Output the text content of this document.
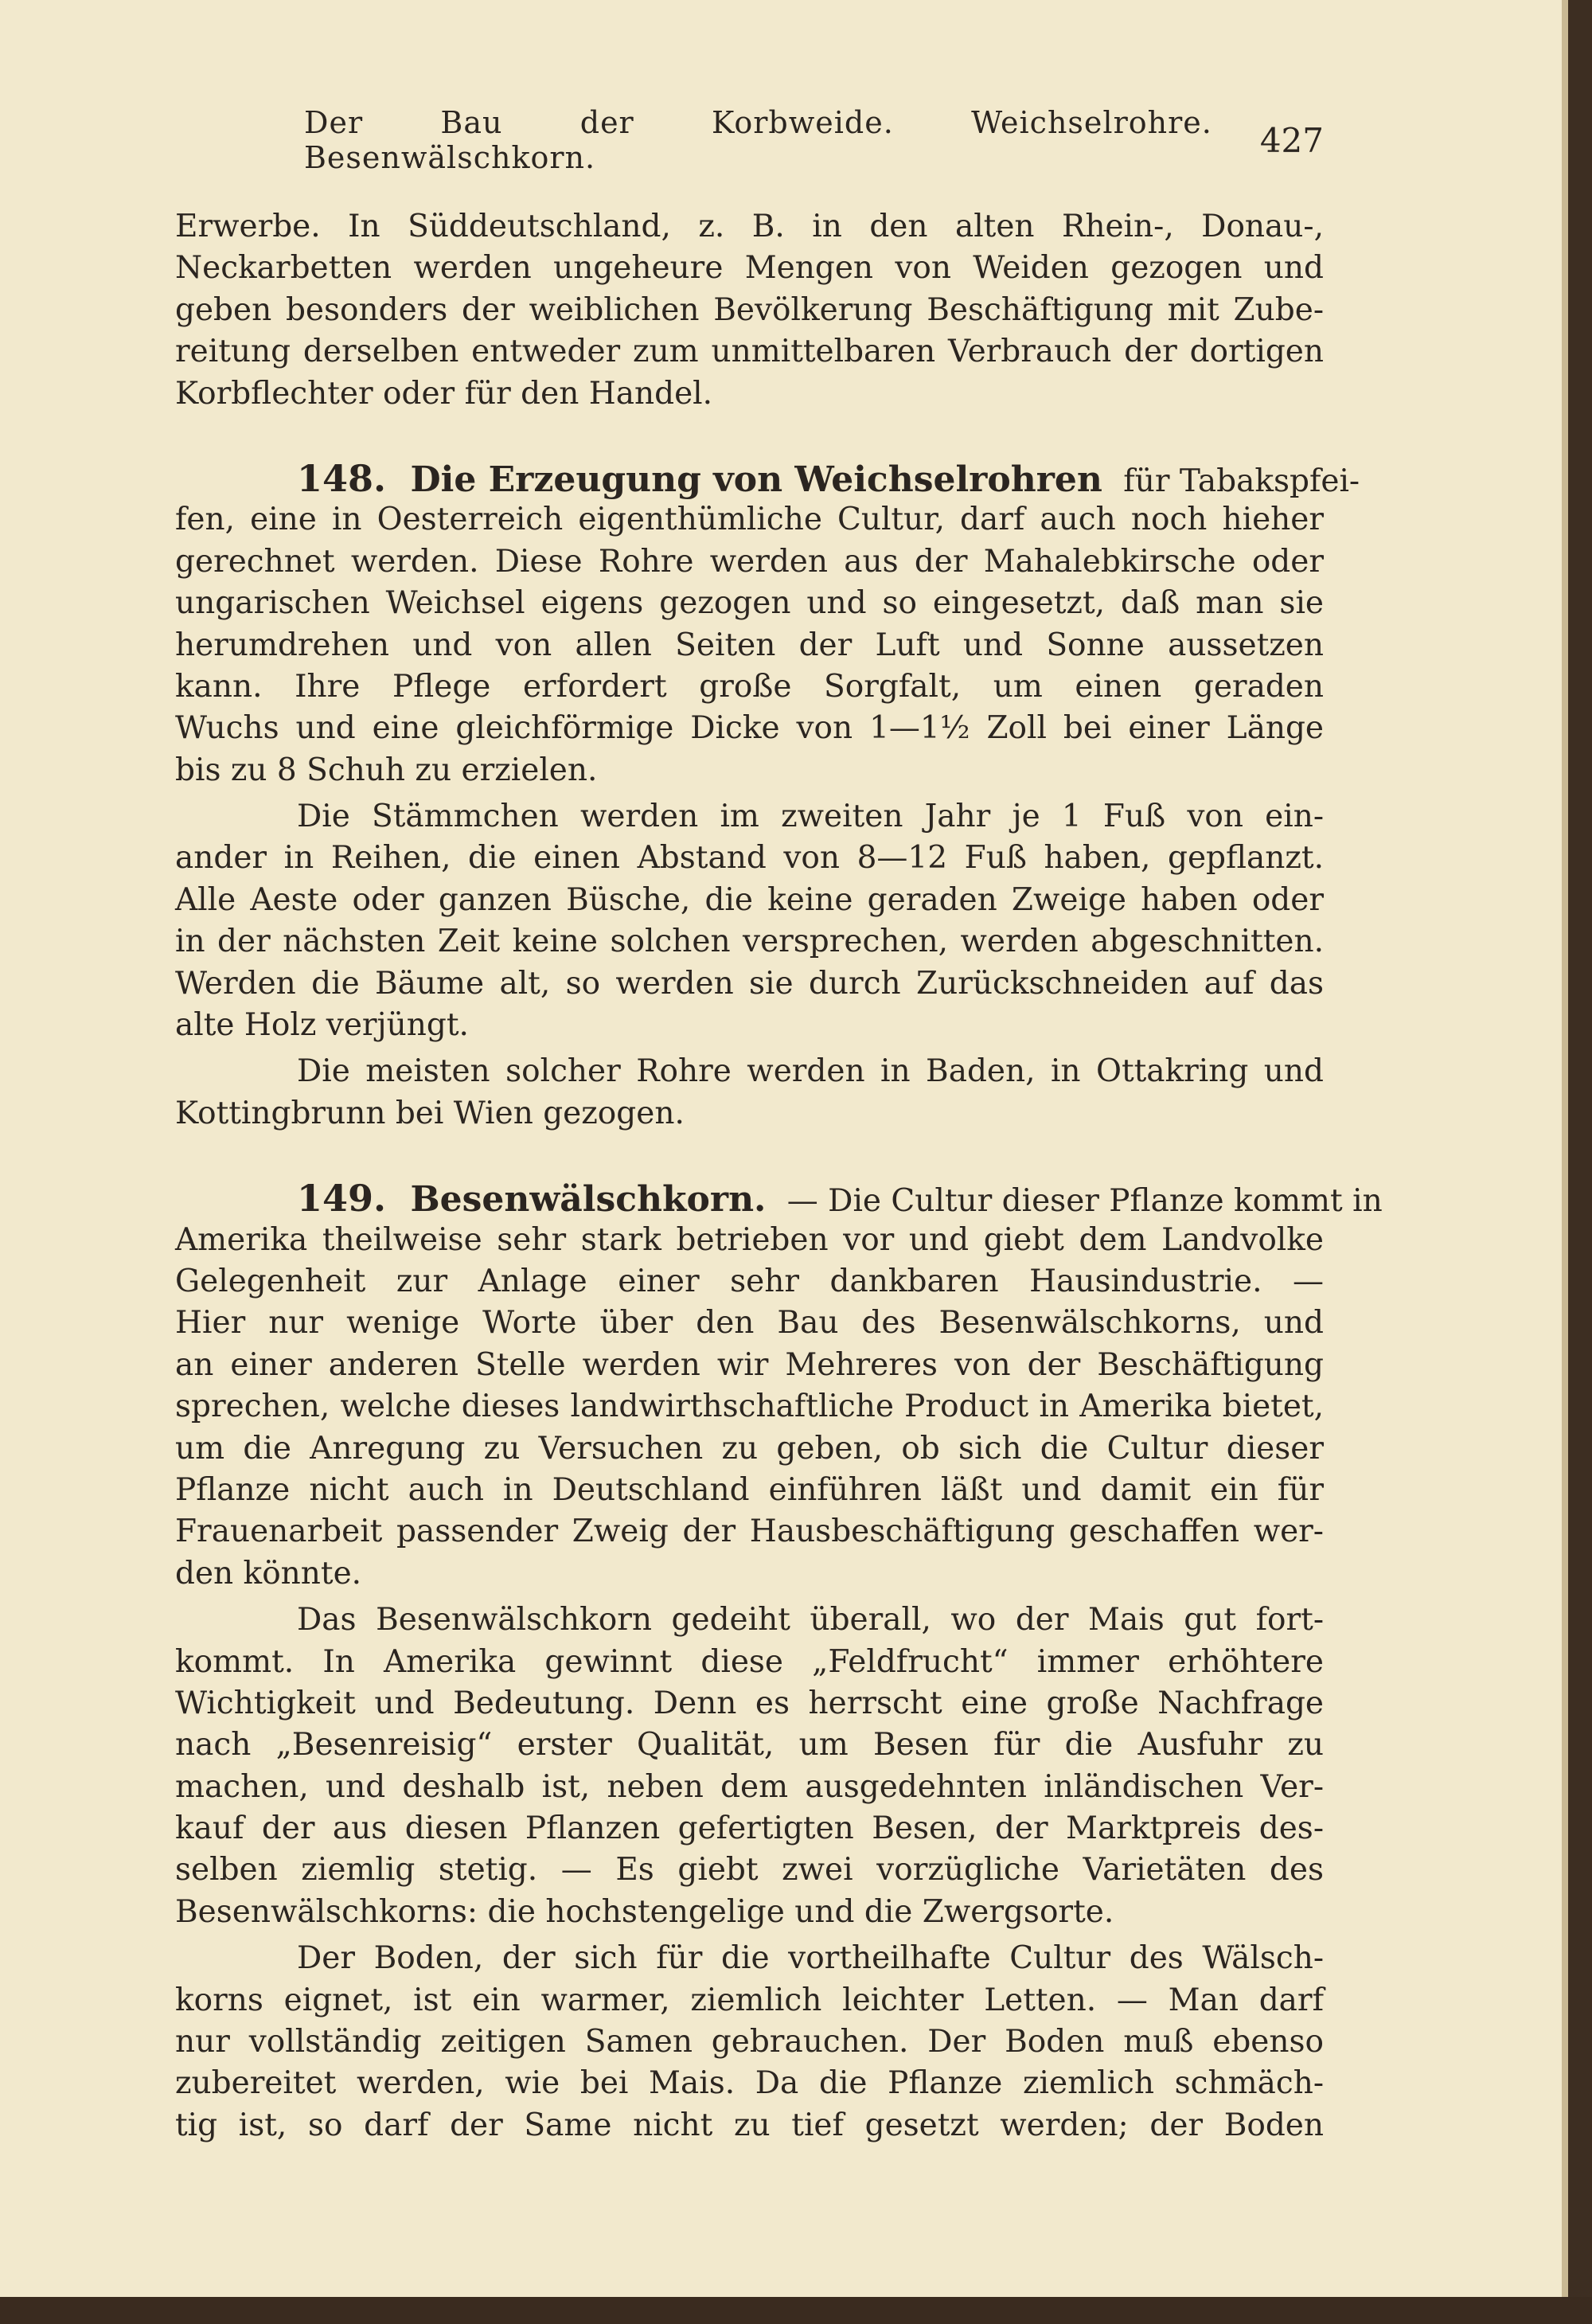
Der Bau der Korbweide. Weichselrohre. Besenwälschkorn.	427
Erwerbe. In Süddeutschland, z. B. in den alten Rhein-, Donau-,
Neckarbetten werden ungeheure Mengen von Weiden gezogen und
geben besonders der weiblichen Bevölkerung Beschäftigung mit Zube-
reitung derselben entweder zum unmittelbaren Verbrauch der dortigen
Korbflechter oder für den Handel.
148. Die Erzeugung von Weichselrohren für Tabakspfei-
fen, eine in Oesterreich eigenthümliche Cultur, darf auch noch hieher
gerechnet werden. Diese Rohre werden aus der Mahalebkirsche oder
ungarischen Weichsel eigens gezogen und so eingesetzt, daß man sie
herumdrehen und von allen Seiten der Luft und Sonne aussetzen
kann. Ihre Pflege erfordert große Sorgfalt, um einen geraden
Wuchs und eine gleichförmige Dicke von 1—1½ Zoll bei einer Länge
bis zu 8 Schuh zu erzielen.
Die Stämmchen werden im zweiten Jahr je 1 Fuß von ein-
ander in Reihen, die einen Abstand von 8—12 Fuß haben, gepflanzt.
Alle Aeste oder ganzen Büsche, die keine geraden Zweige haben oder
in der nächsten Zeit keine solchen versprechen, werden abgeschnitten.
Werden die Bäume alt, so werden sie durch Zurückschneiden auf das
alte Holz verjüngt.
Die meisten solcher Rohre werden in Baden, in Ottakring und
Kottingbrunn bei Wien gezogen.
149. Besenwälschkorn. — Die Cultur dieser Pflanze kommt in
Amerika theilweise sehr stark betrieben vor und giebt dem Landvolke
Gelegenheit zur Anlage einer sehr dankbaren Hausindustrie. —
Hier nur wenige Worte über den Bau des Besenwälschkorns, und
an einer anderen Stelle werden wir Mehreres von der Beschäftigung
sprechen, welche dieses landwirthschaftliche Product in Amerika bietet,
um die Anregung zu Versuchen zu geben, ob sich die Cultur dieser
Pflanze nicht auch in Deutschland einführen läßt und damit ein für
Frauenarbeit passender Zweig der Hausbeschäftigung geschaffen wer-
den könnte.
Das Besenwälschkorn gedeiht überall, wo der Mais gut fort-
kommt. In Amerika gewinnt diese „Feldfrucht“ immer erhöhtere
Wichtigkeit und Bedeutung. Denn es herrscht eine große Nachfrage
nach „Besenreisig“ erster Qualität, um Besen für die Ausfuhr zu
machen, und deshalb ist, neben dem ausgedehnten inländischen Ver-
kauf der aus diesen Pflanzen gefertigten Besen, der Marktpreis des-
selben ziemlig stetig. — Es giebt zwei vorzügliche Varietäten des
Besenwälschkorns: die hochstengelige und die Zwergsorte.
Der Boden, der sich für die vortheilhafte Cultur des Wälsch-
korns eignet, ist ein warmer, ziemlich leichter Letten. — Man darf
nur vollständig zeitigen Samen gebrauchen. Der Boden muß ebenso
zubereitet werden, wie bei Mais. Da die Pflanze ziemlich schmäch-
tig ist, so darf der Same nicht zu tief gesetzt werden; der Boden
